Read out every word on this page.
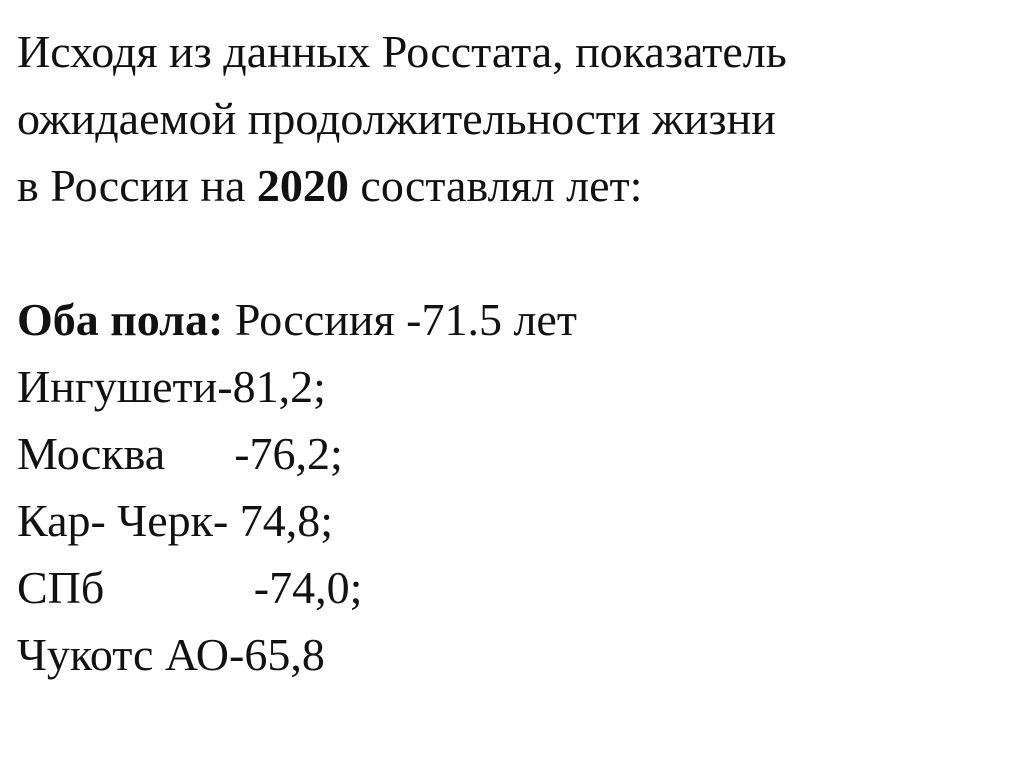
Исходя из данных Росстата, показатель
ожидаемой продолжительности жизни
в России на 2020 составлял лет:
Оба пола: Россиия -71.5 лет
Ингушети-81,2;
Москва      -76,2;
Кар- Черк- 74,8;
СПб             -74,0;
Чукотс АО-65,8
